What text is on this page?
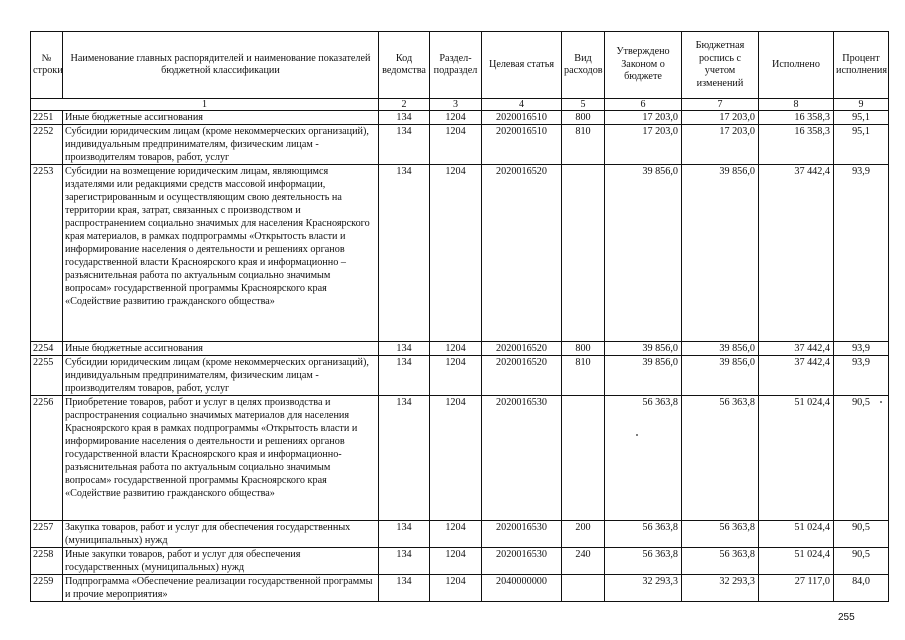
№ строки	Наименование главных распорядителей и наименование показателей бюджетной классификации	Код ведомства	Раздел-подраздел	Целевая статья	Вид расходов	Утверждено Законом о бюджете	Бюджетная роспись с учетом изменений	Исполнено	Процент исполнения
1		2	3	4	5	6	7	8	9
2251	Иные бюджетные ассигнования	134	1204	2020016510	800	17 203,0	17 203,0	16 358,3	95,1
2252	Субсидии юридическим лицам (кроме некоммерческих организаций), индивидуальным предпринимателям, физическим лицам - производителям товаров, работ, услуг	134	1204	2020016510	810	17 203,0	17 203,0	16 358,3	95,1
2253	Субсидии на возмещение юридическим лицам, являющимся издателями или редакциями средств массовой информации, зарегистрированным и осуществляющим свою деятельность на территории края, затрат, связанных с производством и распространением социально значимых для населения Красноярского края материалов, в рамках подпрограммы «Открытость власти и информирование населения о деятельности и решениях органов государственной власти Красноярского края и информационно – разъяснительная работа по актуальным социально значимым вопросам» государственной программы Красноярского края «Содействие развитию гражданского общества»	134	1204	2020016520		39 856,0	39 856,0	37 442,4	93,9
2254	Иные бюджетные ассигнования	134	1204	2020016520	800	39 856,0	39 856,0	37 442,4	93,9
2255	Субсидии юридическим лицам (кроме некоммерческих организаций), индивидуальным предпринимателям, физическим лицам - производителям товаров, работ, услуг	134	1204	2020016520	810	39 856,0	39 856,0	37 442,4	93,9
2256	Приобретение товаров, работ и услуг в целях производства и распространения социально значимых материалов для населения Красноярского края в рамках подпрограммы «Открытость власти и информирование населения о деятельности и решениях органов государственной власти Красноярского края и информационно-разъяснительная работа по актуальным социально значимым вопросам» государственной программы Красноярского края «Содействие развитию гражданского общества»	134	1204	2020016530		56 363,8	56 363,8	51 024,4	90,5
2257	Закупка товаров, работ и услуг для обеспечения государственных (муниципальных) нужд	134	1204	2020016530	200	56 363,8	56 363,8	51 024,4	90,5
2258	Иные закупки товаров, работ и услуг для обеспечения государственных (муниципальных) нужд	134	1204	2020016530	240	56 363,8	56 363,8	51 024,4	90,5
2259	Подпрограмма «Обеспечение реализации государственной программы и прочие мероприятия»	134	1204	2040000000		32 293,3	32 293,3	27 117,0	84,0
255
